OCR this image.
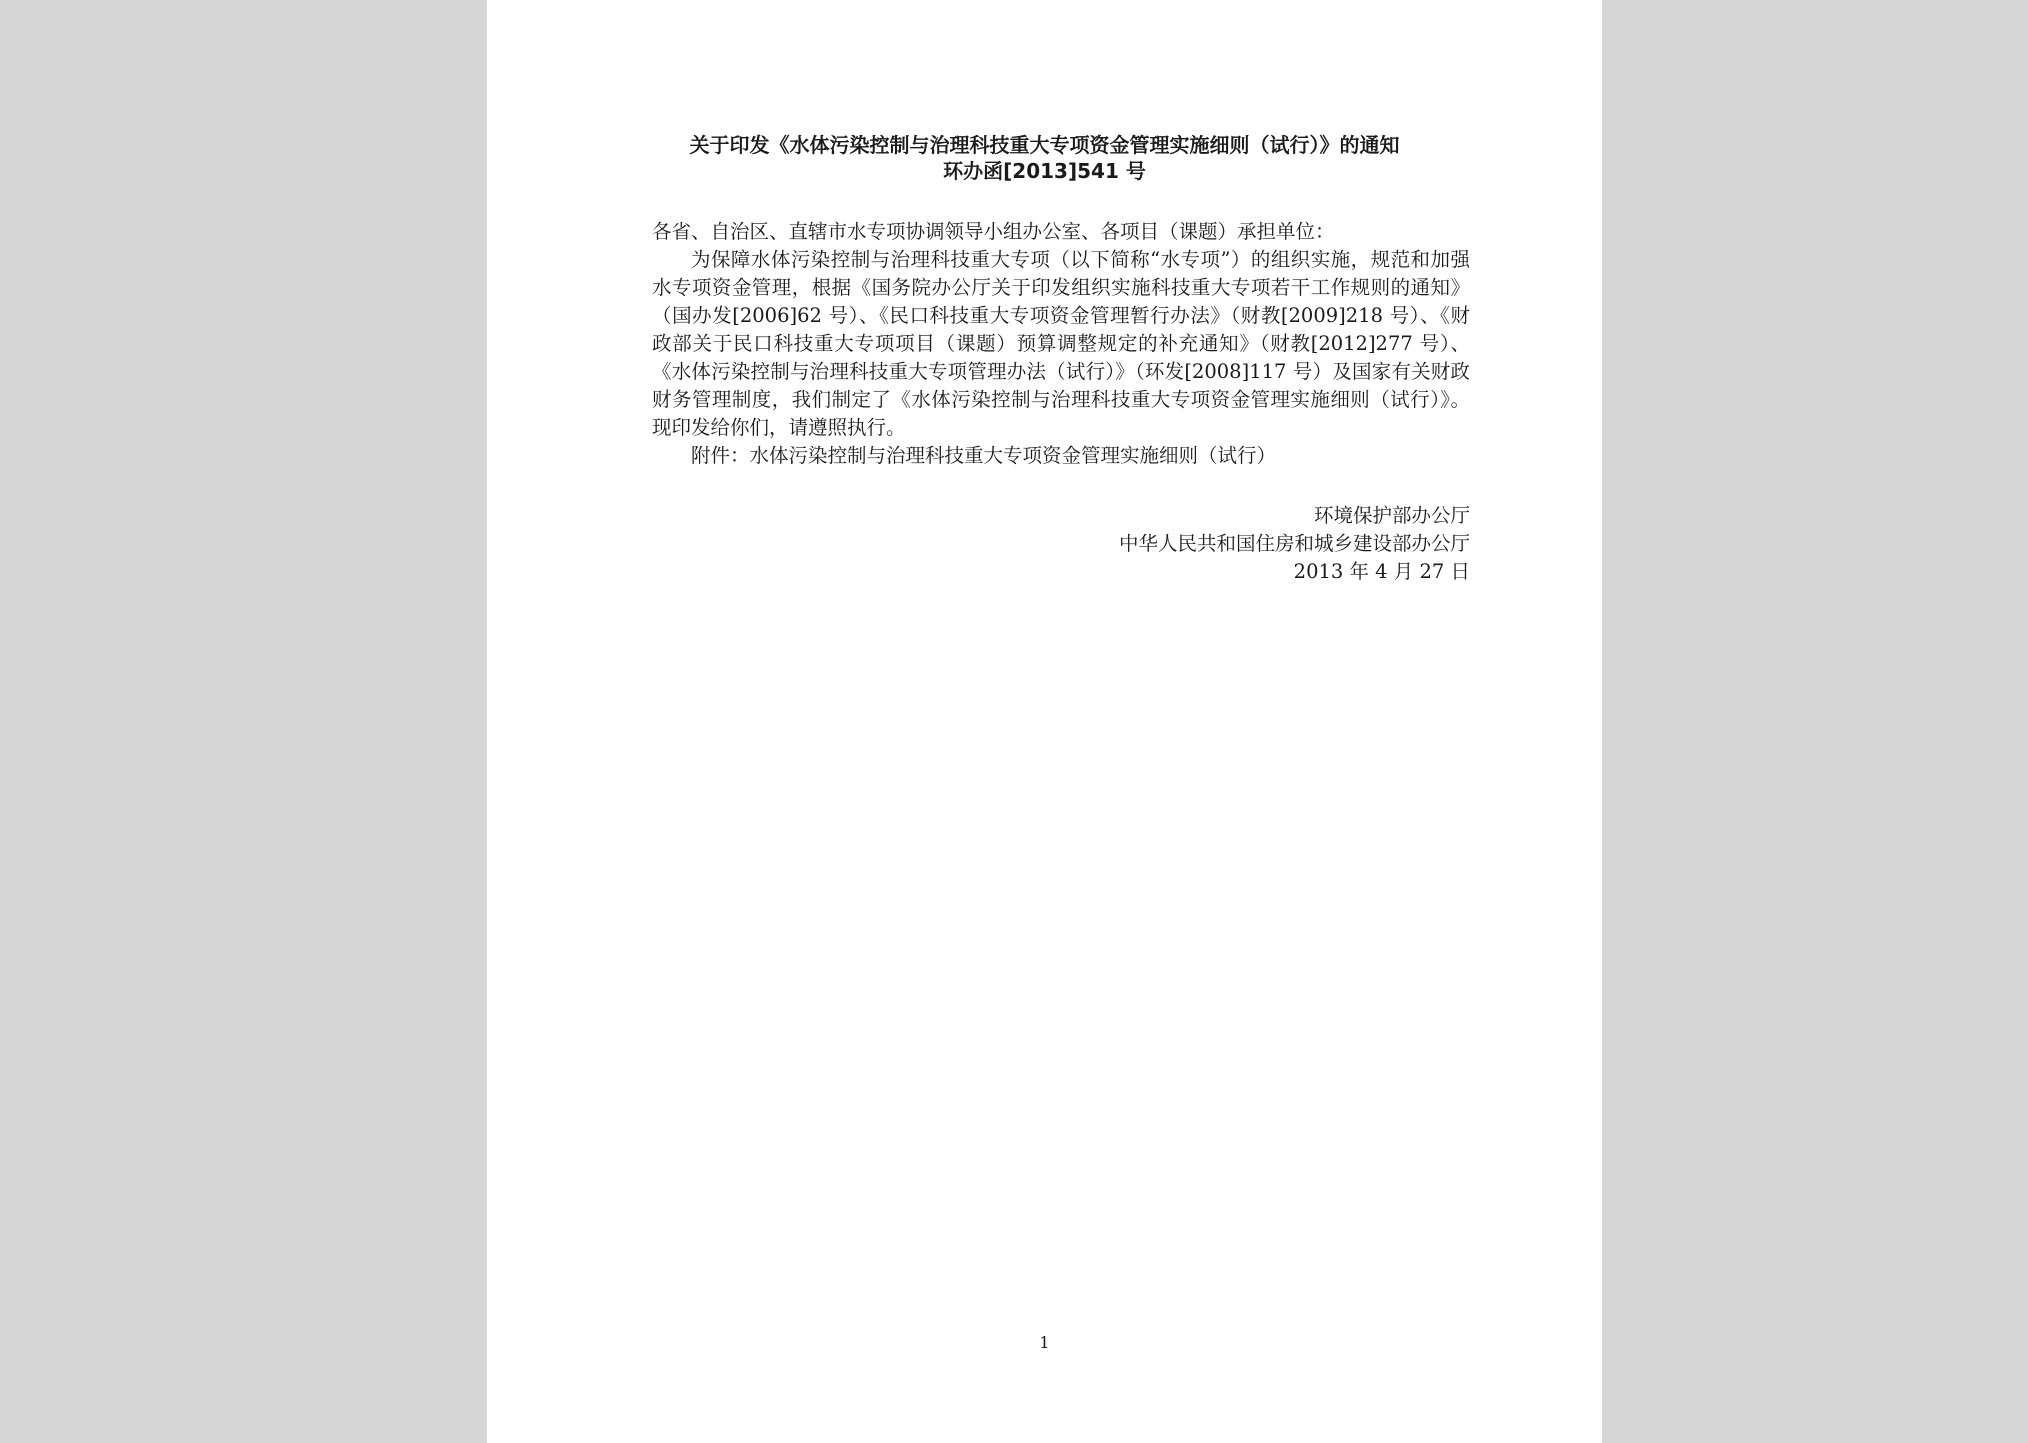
关于印发《水体污染控制与治理科技重大专项资金管理实施细则（试行）》的通知
环办函[2013]541 号

各省、自治区、直辖市水专项协调领导小组办公室、各项目（课题）承担单位：

为保障水体污染控制与治理科技重大专项（以下简称“水专项”）的组织实施，规范和加强水专项资金管理，根据《国务院办公厅关于印发组织实施科技重大专项若干工作规则的通知》（国办发[2006]62 号）、《民口科技重大专项资金管理暂行办法》（财教[2009]218 号）、《财政部关于民口科技重大专项项目（课题）预算调整规定的补充通知》（财教[2012]277 号）、《水体污染控制与治理科技重大专项管理办法（试行）》（环发[2008]117 号）及国家有关财政财务管理制度，我们制定了《水体污染控制与治理科技重大专项资金管理实施细则（试行）》。现印发给你们，请遵照执行。

附件：水体污染控制与治理科技重大专项资金管理实施细则（试行）

环境保护部办公厅
中华人民共和国住房和城乡建设部办公厅
2013 年 4 月 27 日
1
